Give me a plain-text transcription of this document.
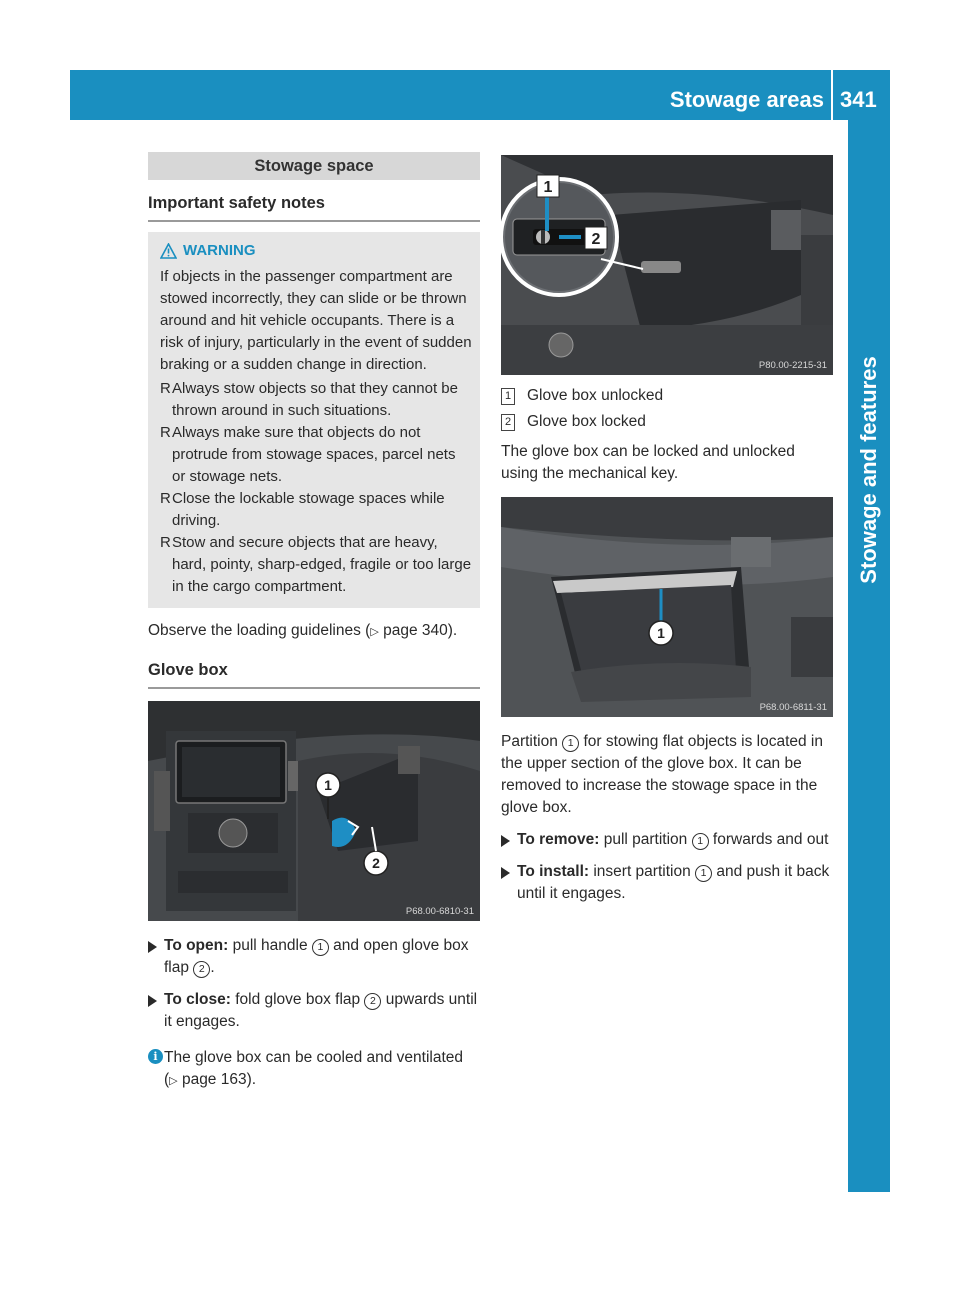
Stowage areas 341
Stowage and features
Stowage space
Important safety notes
WARNING

If objects in the passenger compartment are stowed incorrectly, they can slide or be thrown around and hit vehicle occupants. There is a risk of injury, particularly in the event of sudden braking or a sudden change in direction.

R Always stow objects so that they cannot be thrown around in such situations.
R Always make sure that objects do not protrude from stowage spaces, parcel nets or stowage nets.
R Close the lockable stowage spaces while driving.
R Stow and secure objects that are heavy, hard, pointy, sharp-edged, fragile or too large in the cargo compartment.

Observe the loading guidelines (▷ page 340).

Glove box
1
2
P68.00-6810-31
To open: pull handle 1 and open glove box flap 2 .
To close: fold glove box flap 2 upwards until it engages.
i The glove box can be cooled and ventilated (▷ page 163).
1
2
P80.00-2215-31
1 Glove box unlocked
2 Glove box locked

The glove box can be locked and unlocked using the mechanical key.

1
P68.00-6811-31

Partition 1 for stowing flat objects is located in the upper section of the glove box. It can be removed to increase the stowage space in the glove box.

To remove: pull partition 1 forwards and out
To install: insert partition 1 and push it back until it engages.
